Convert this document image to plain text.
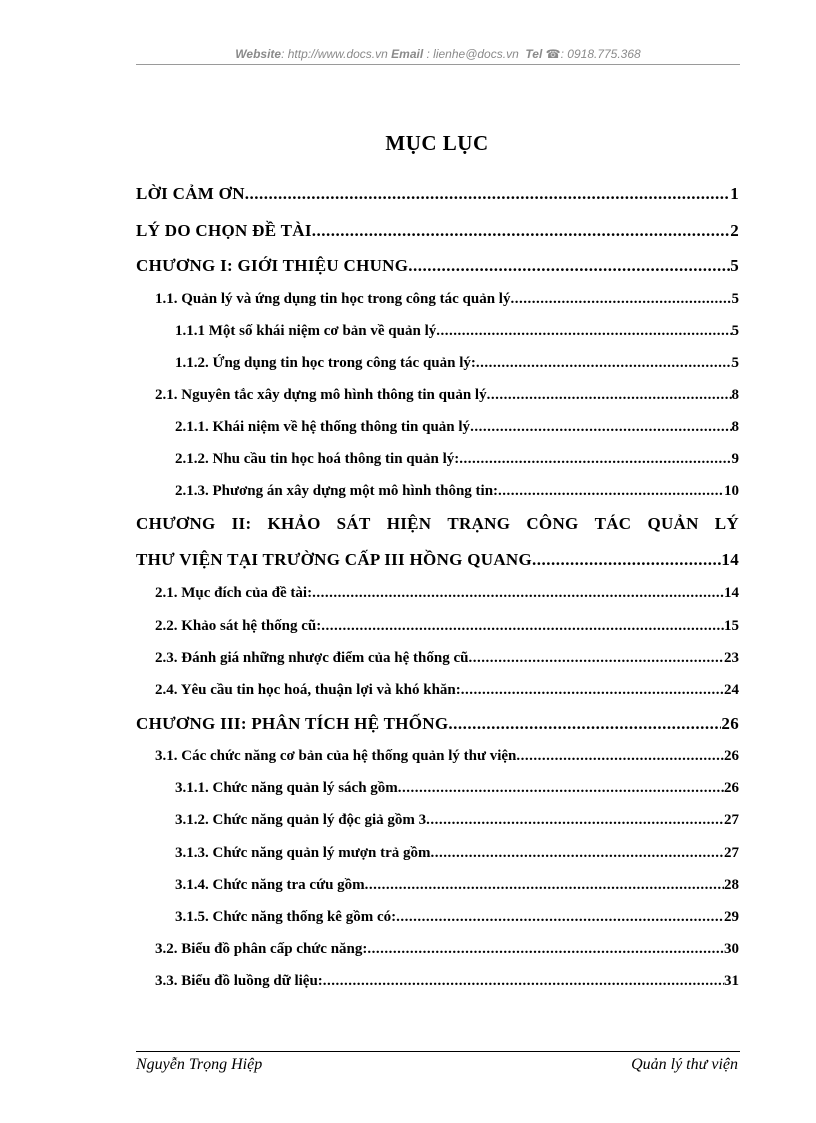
Website: http://www.docs.vn Email : lienhe@docs.vn Tel ☎: 0918.775.368
MỤC LỤC
LỜI CẢM ƠN .....	1
LÝ DO CHỌN ĐỀ TÀI .....	2
CHƯƠNG I: GIỚI THIỆU CHUNG .....	5
1.1. Quản lý và ứng dụng tin học trong công tác quản lý .....	5
1.1.1 Một số khái niệm cơ bản về quản lý .....	5
1.1.2. Ứng dụng tin học trong công tác quản lý: .....	5
2.1. Nguyên tắc xây dựng mô hình thông tin quản lý .....	8
2.1.1. Khái niệm về hệ thống thông tin quản lý .....	8
2.1.2. Nhu cầu tin học hoá thông tin quản lý: .....	9
2.1.3. Phương án xây dựng một mô hình thông tin: .....	10
CHƯƠNG II: KHẢO SÁT HIỆN TRẠNG CÔNG TÁC QUẢN LÝ
THƯ VIỆN TẠI TRƯỜNG CẤP III HỒNG QUANG .....	14
2.1. Mục đích của đề tài: .....	14
2.2. Khảo sát hệ thống cũ: .....	15
2.3. Đánh giá những nhược điểm của hệ thống cũ .....	23
2.4. Yêu cầu tin học hoá, thuận lợi và khó khăn: .....	24
CHƯƠNG III: PHÂN TÍCH HỆ THỐNG .....	26
3.1. Các chức năng cơ bản của hệ thống quản lý thư viện .....	26
3.1.1. Chức năng quản lý sách gồm .....	26
3.1.2. Chức năng quản lý độc giả gồm 3 .....	27
3.1.3. Chức năng quản lý mượn trả gồm .....	27
3.1.4. Chức năng tra cứu gồm .....	28
3.1.5. Chức năng thống kê gồm có: .....	29
3.2. Biểu đồ phân cấp chức năng: .....	30
3.3. Biểu đồ luồng dữ liệu: .....	31
Nguyễn Trọng Hiệp	Quản lý thư viện
